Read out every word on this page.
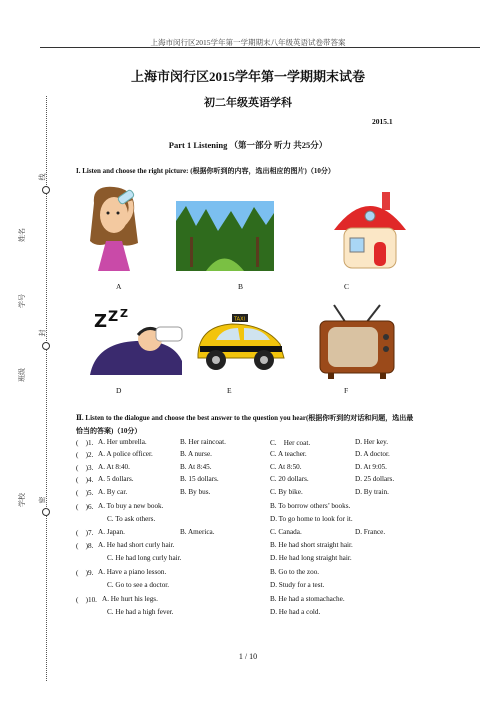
上海市闵行区2015学年第一学期期末八年级英语试卷带答案
线
封
密
姓名
学号
班级
学校
上海市闵行区2015学年第一学期期末试卷
初二年级英语学科
2015.1
Part 1 Listening （第一部分 听力 共25分）
I. Listen and choose the right picture: (根据你听到的内容，选出相应的图片)（10分）
A	B	C
Z Z Z	TAXI
D	E	F
Ⅱ. Listen to the dialogue and choose the best answer to the question you hear(根据你听到的对话和问题，选出最恰当的答案)（10分）
(　)1. A. Her umbrella.	B. Her raincoat.	C.　Her coat.	D. Her key.
(　)2. A. A police officer.	B. A nurse.	C. A teacher.	D. A doctor.
(　)3. A. At 8:40.	B. At 8:45.	C. At 8:50.	D. At 9:05.
(　)4. A. 5 dollars.	B. 15 dollars.	C. 20 dollars.	D. 25 dollars.
(　)5. A. By car.	B. By bus.	C. By bike.	D. By train.
(　)6. A. To buy a new book.	B. To borrow others’ books.
C. To ask others.	D. To go home to look for it.
(　)7. A. Japan.	B. America.	C. Canada.	D. France.
(　)8. A. He had short curly hair.	B. He had short straight hair.
C. He had long curly hair.	D. He had long straight hair.
(　)9. A. Have a piano lesson.	B. Go to the zoo.
C. Go to see a doctor.	D. Study for a test.
(　)10. A. He hurt his legs.	B. He had a stomachache.
C. He had a high fever.	D. He had a cold.
1 / 10
